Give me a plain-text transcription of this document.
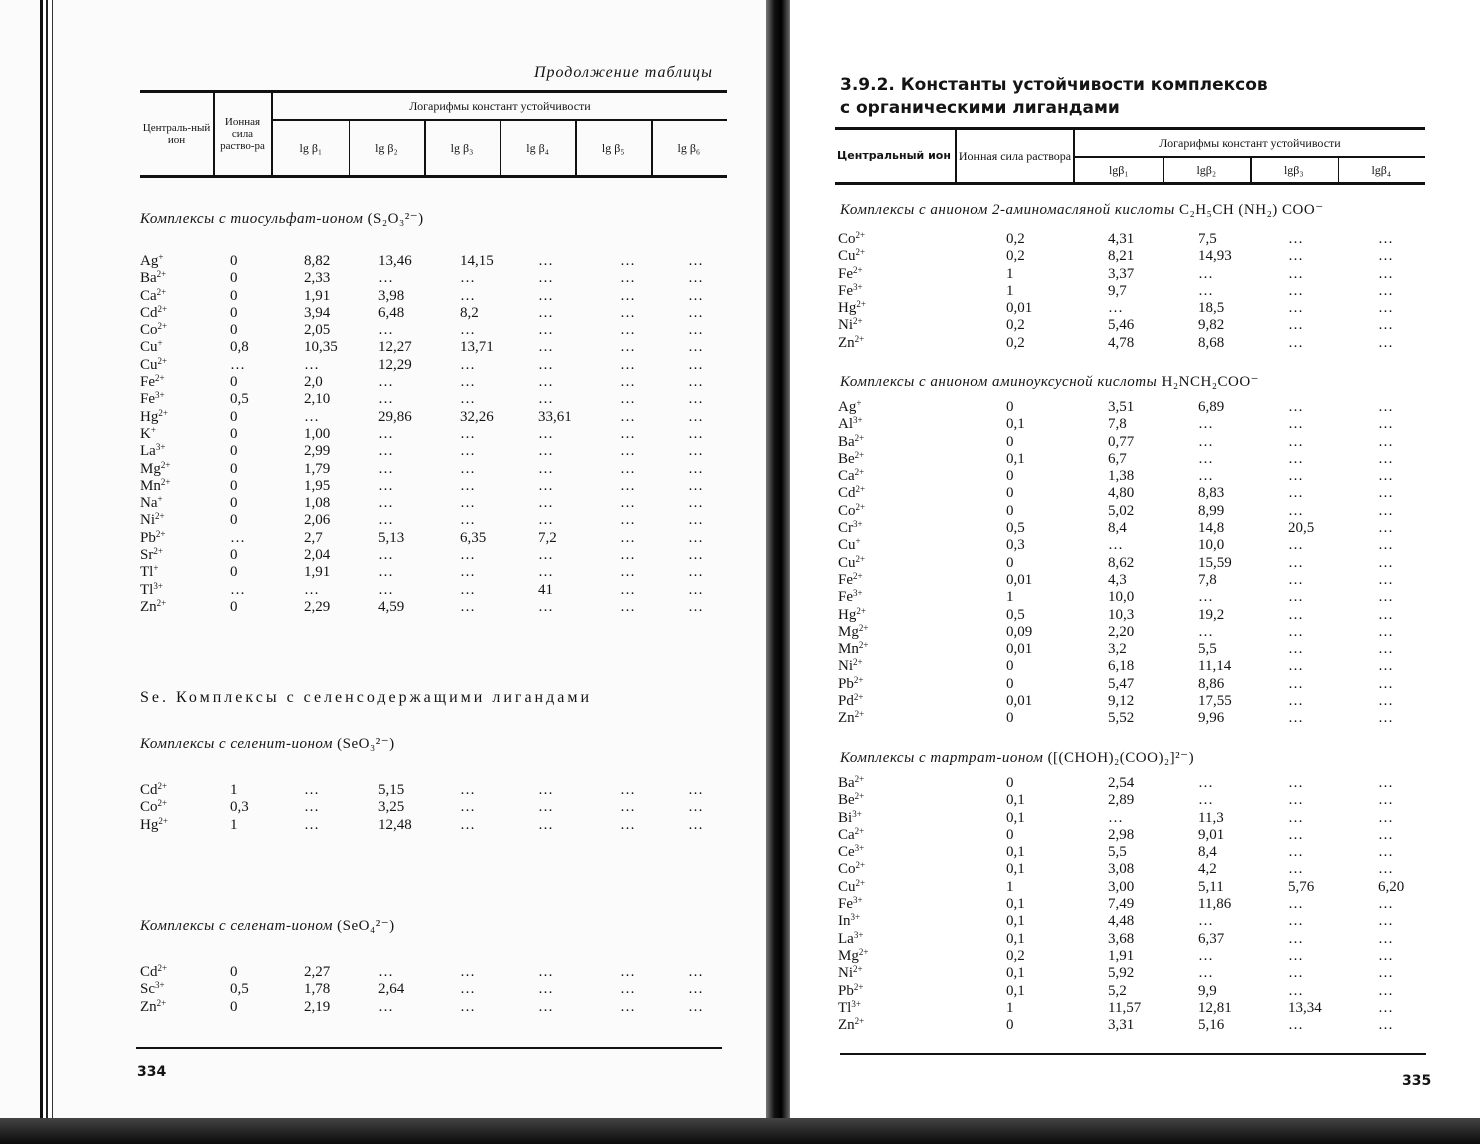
Продолжение таблицы
Централь-ный ион
Ионная сила раство-ра
Логарифмы констант устойчивости
lg β₁	lg β₂	lg β₃	lg β₄	lg β₅	lg β₆
Комплексы с тиосульфат-ионом (S₂O₃²⁻)
Ag+	0	8,82	13,46	14,15	…	…	…
$Ba^{2+}$	0	2,33	…	…	…	…	…
$Ca^{2+}$	0	1,91	3,98	…	…	…	…
$Cd^{2+}$	0	3,94	6,48	8,2	…	…	…
$Co^{2+}$	0	2,05	…	…	…	…	…
Cu+	0,8	10,35	12,27	13,71	…	…	…
$Cu^{2+}$	…	…	12,29	…	…	…	…
$Fe^{2+}$	0	2,0	…	…	…	…	…
$Fe^{3+}$	0,5	2,10	…	…	…	…	…
$Hg^{2+}$	0	…	29,86	32,26	33,61	…	…
K+	0	1,00	…	…	…	…	…
$La^{3+}$	0	2,99	…	…	…	…	…
$Mg^{2+}$	0	1,79	…	…	…	…	…
$Mn^{2+}$	0	1,95	…	…	…	…	…
Na+	0	1,08	…	…	…	…	…
$Ni^{2+}$	0	2,06	…	…	…	…	…
$Pb^{2+}$	…	2,7	5,13	6,35	7,2	…	…
$Sr^{2+}$	0	2,04	…	…	…	…	…
Tl+	0	1,91	…	…	…	…	…
$Tl^{3+}$	…	…	…	…	41	…	…
$Zn^{2+}$	0	2,29	4,59	…	…	…	…
Se. Комплексы с селенсодержащими лигандами
Комплексы с селенит-ионом (SeO₃²⁻)
$Cd^{2+}$	1	…	5,15	…	…	…	…
$Co^{2+}$	0,3	…	3,25	…	…	…	…
$Hg^{2+}$	1	…	12,48	…	…	…	…
Комплексы с селенат-ионом (SeO₄²⁻)
$Cd^{2+}$	0	2,27	…	…	…	…	…
$Sc^{3+}$	0,5	1,78	2,64	…	…	…	…
$Zn^{2+}$	0	2,19	…	…	…	…	…
334
3.9.2. Константы устойчивости комплексов
с органическими лигандами
Центральный ион Ионная сила раствора
Логарифмы констант устойчивости
lgβ₁	lgβ₂	lgβ₃	lgβ₄
Комплексы с анионом 2-аминомасляной кислоты C₂H₅CH (NH₂) COO⁻
$Co^{2+}$	0,2	4,31	7,5	…	…
$Cu^{2+}$	0,2	8,21	14,93	…	…
$Fe^{2+}$	1	3,37	…	…	…
$Fe^{3+}$	1	9,7	…	…	…
$Hg^{2+}$	0,01	…	18,5	…	…
$Ni^{2+}$	0,2	5,46	9,82	…	…
$Zn^{2+}$	0,2	4,78	8,68	…	…
Комплексы с анионом аминоуксусной кислоты H₂NCH₂COO⁻
Ag+	0	3,51	6,89	…	…
$Al^{3+}$	0,1	7,8	…	…	…
$Ba^{2+}$	0	0,77	…	…	…
$Be^{2+}$	0,1	6,7	…	…	…
$Ca^{2+}$	0	1,38	…	…	…
$Cd^{2+}$	0	4,80	8,83	…	…
$Co^{2+}$	0	5,02	8,99	…	…
$Cr^{3+}$	0,5	8,4	14,8	20,5	…
Cu+	0,3	…	10,0	…	…
$Cu^{2+}$	0	8,62	15,59	…	…
$Fe^{2+}$	0,01	4,3	7,8	…	…
$Fe^{3+}$	1	10,0	…	…	…
$Hg^{2+}$	0,5	10,3	19,2	…	…
$Mg^{2+}$	0,09	2,20	…	…	…
$Mn^{2+}$	0,01	3,2	5,5	…	…
$Ni^{2+}$	0	6,18	11,14	…	…
$Pb^{2+}$	0	5,47	8,86	…	…
$Pd^{2+}$	0,01	9,12	17,55	…	…
$Zn^{2+}$	0	5,52	9,96	…	…
Комплексы с тартрат-ионом ([(CHOH)₂(COO)₂]²⁻)
$Ba^{2+}$	0	2,54	…	…	…
$Be^{2+}$	0,1	2,89	…	…	…
$Bi^{3+}$	0,1	…	11,3	…	…
$Ca^{2+}$	0	2,98	9,01	…	…
$Ce^{3+}$	0,1	5,5	8,4	…	…
$Co^{2+}$	0,1	3,08	4,2	…	…
$Cu^{2+}$	1	3,00	5,11	5,76	6,20
$Fe^{3+}$	0,1	7,49	11,86	…	…
$In^{3+}$	0,1	4,48	…	…	…
$La^{3+}$	0,1	3,68	6,37	…	…
$Mg^{2+}$	0,2	1,91	…	…	…
$Ni^{2+}$	0,1	5,92	…	…	…
$Pb^{2+}$	0,1	5,2	9,9	…	…
$Tl^{3+}$	1	11,57	12,81	13,34	…
$Zn^{2+}$	0	3,31	5,16	…	…
335
